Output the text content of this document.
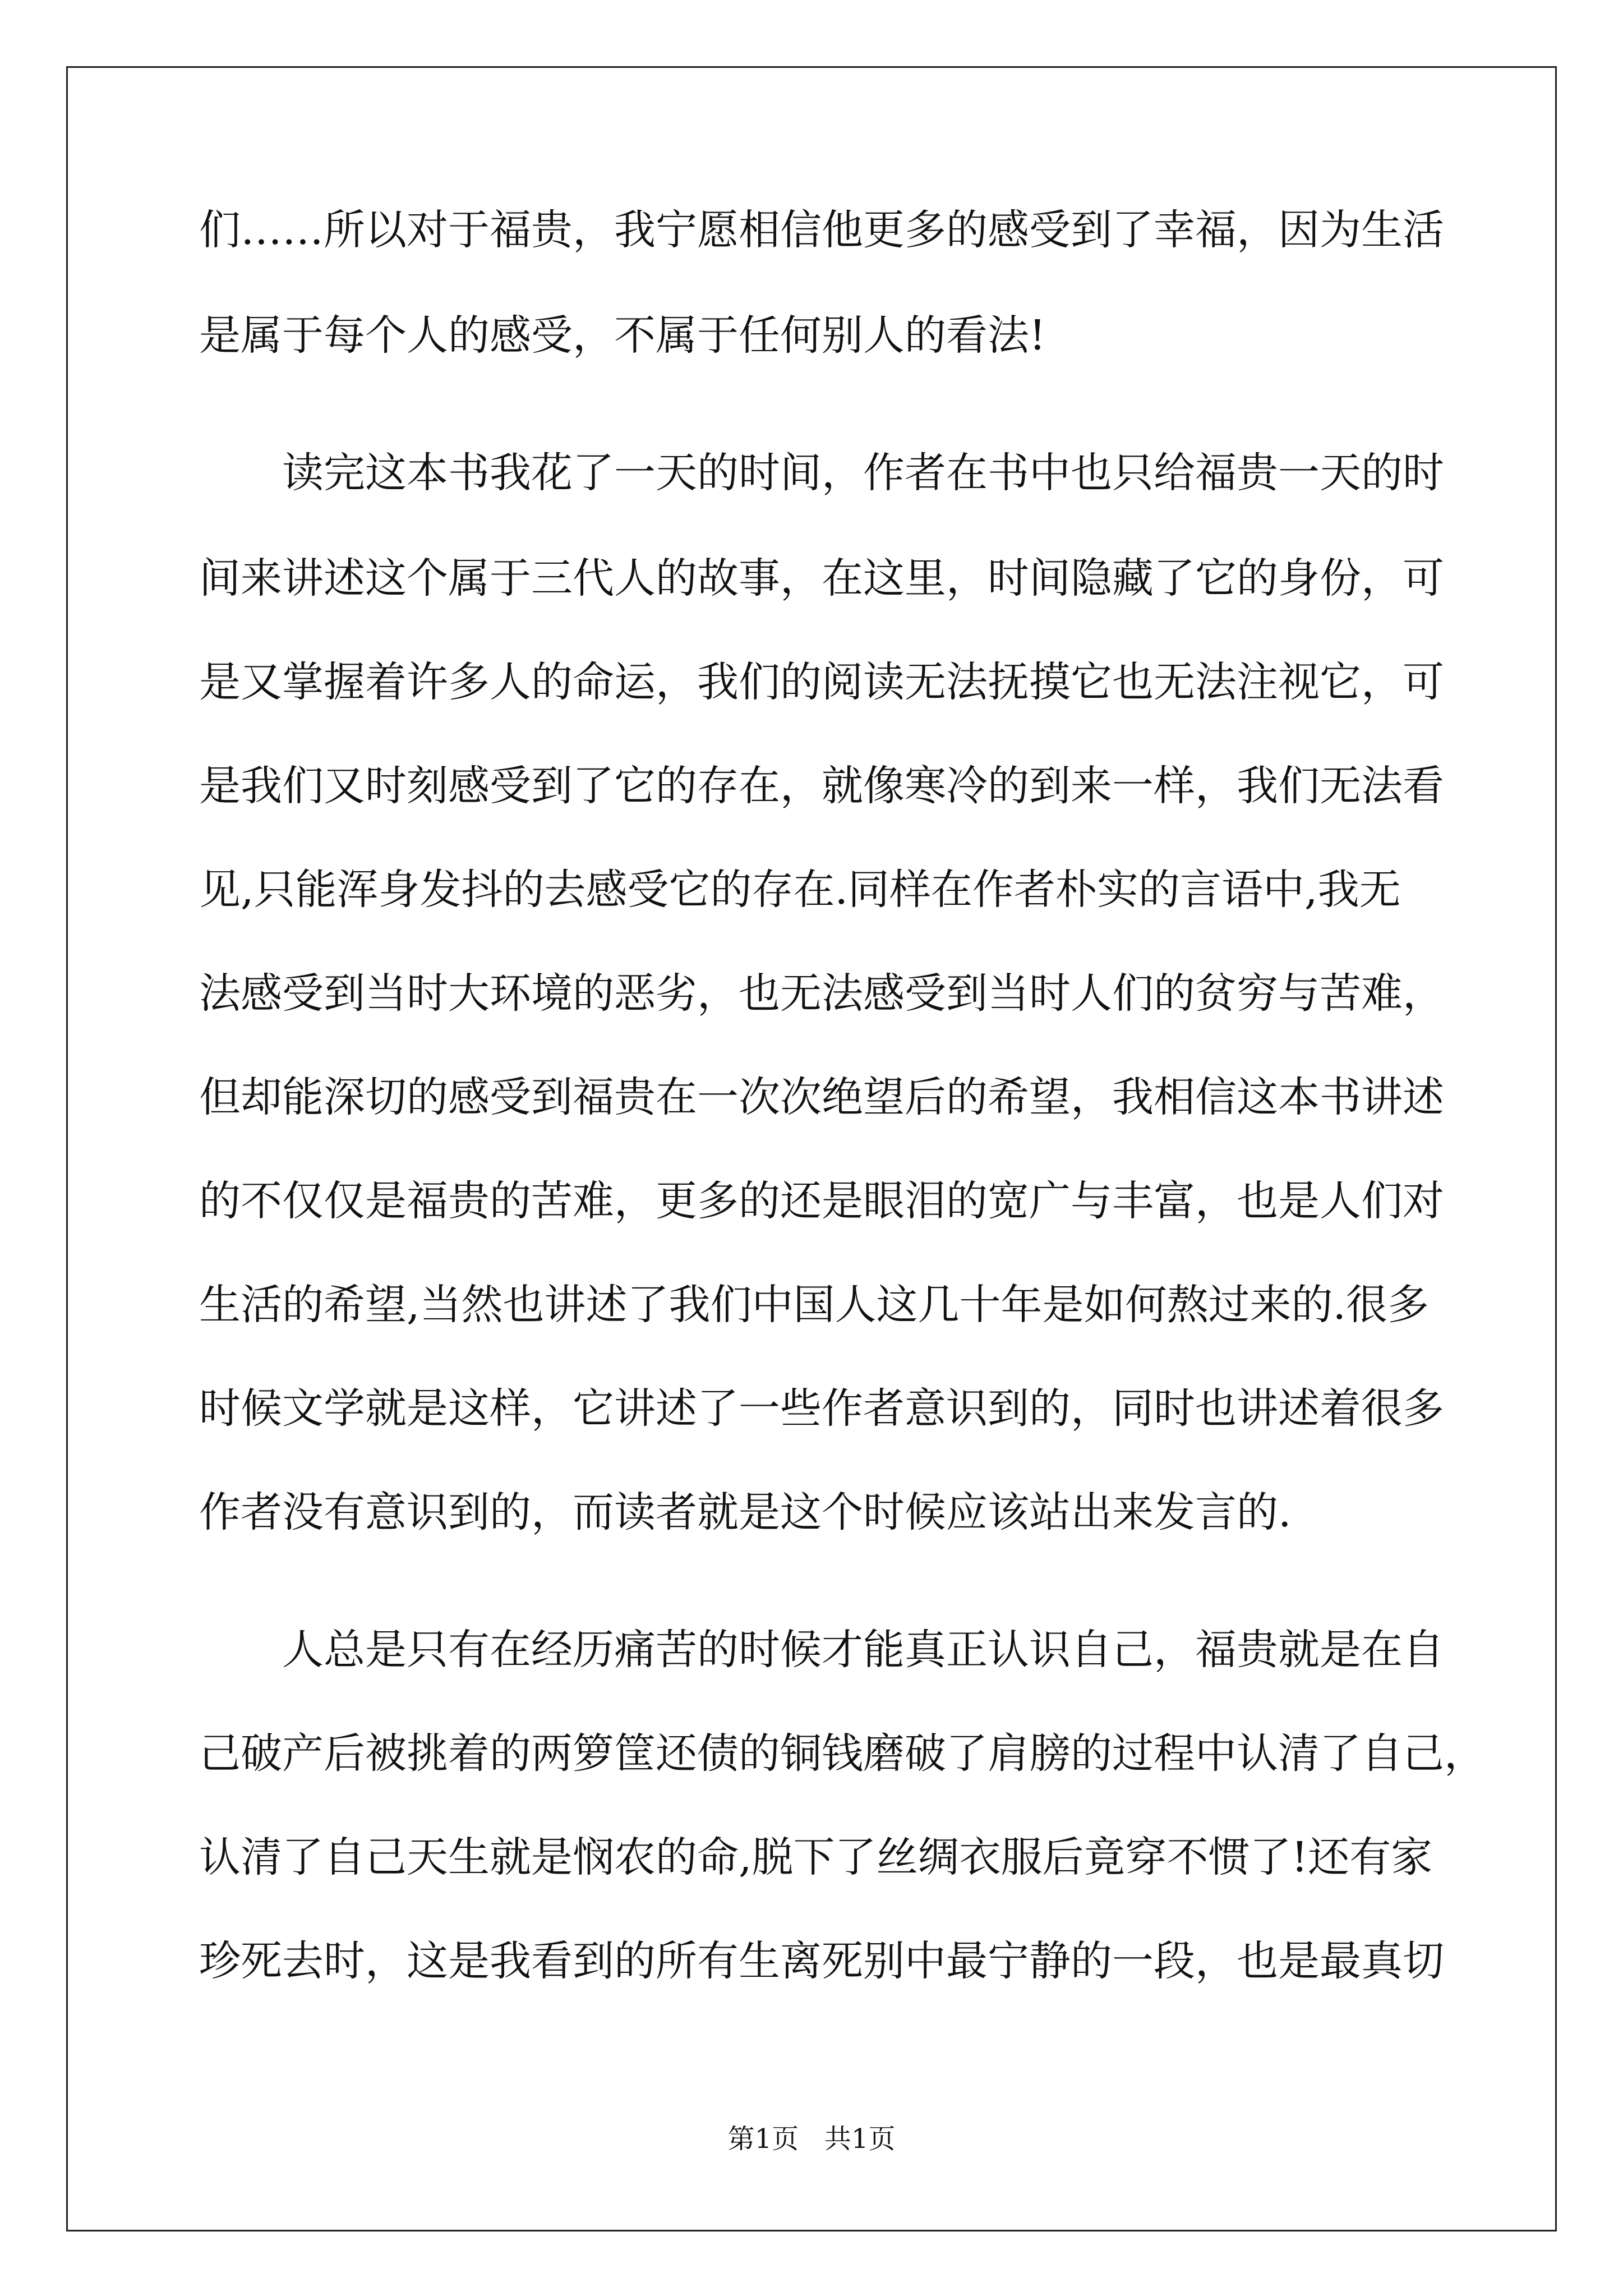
们……所以对于福贵，我宁愿相信他更多的感受到了幸福，因为生活
是属于每个人的感受，不属于任何别人的看法!
读完这本书我花了一天的时间，作者在书中也只给福贵一天的时
间来讲述这个属于三代人的故事，在这里，时间隐藏了它的身份，可
是又掌握着许多人的命运，我们的阅读无法抚摸它也无法注视它，可
是我们又时刻感受到了它的存在，就像寒冷的到来一样，我们无法看
见,只能浑身发抖的去感受它的存在.同样在作者朴实的言语中,我无
法感受到当时大环境的恶劣，也无法感受到当时人们的贫穷与苦难，
但却能深切的感受到福贵在一次次绝望后的希望，我相信这本书讲述
的不仅仅是福贵的苦难，更多的还是眼泪的宽广与丰富，也是人们对
生活的希望,当然也讲述了我们中国人这几十年是如何熬过来的.很多
时候文学就是这样，它讲述了一些作者意识到的，同时也讲述着很多
作者没有意识到的，而读者就是这个时候应该站出来发言的.
人总是只有在经历痛苦的时候才能真正认识自己，福贵就是在自
己破产后被挑着的两箩筐还债的铜钱磨破了肩膀的过程中认清了自己，
认清了自己天生就是悯农的命,脱下了丝绸衣服后竟穿不惯了!还有家
珍死去时，这是我看到的所有生离死别中最宁静的一段，也是最真切
第1页   共1页
